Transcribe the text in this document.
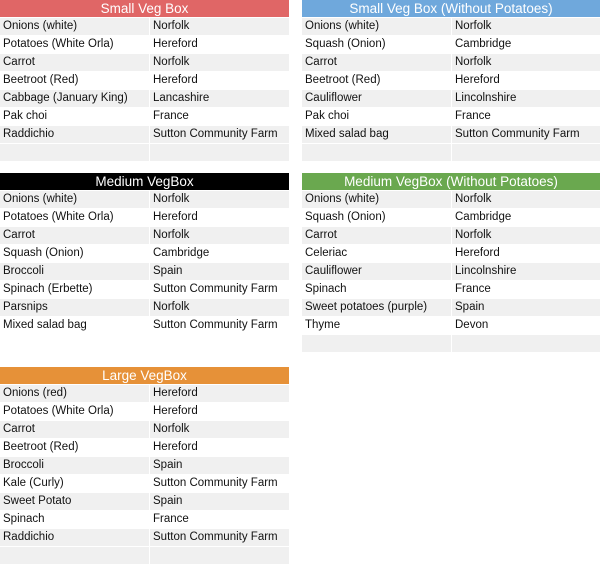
Small Veg Box
Onions (white)	Norfolk
Potatoes (White Orla)	Hereford
Carrot	Norfolk
Beetroot (Red)	Hereford
Cabbage (January King)	Lancashire
Pak choi	France
Raddichio	Sutton Community Farm
Small Veg Box (Without Potatoes)
Onions (white)	Norfolk
Squash (Onion)	Cambridge
Carrot	Norfolk
Beetroot (Red)	Hereford
Cauliflower	Lincolnshire
Pak choi	France
Mixed salad bag	Sutton Community Farm
Medium VegBox
Onions (white)	Norfolk
Potatoes (White Orla)	Hereford
Carrot	Norfolk
Squash (Onion)	Cambridge
Broccoli	Spain
Spinach (Erbette)	Sutton Community Farm
Parsnips	Norfolk
Mixed salad bag	Sutton Community Farm
Medium VegBox (Without Potatoes)
Onions (white)	Norfolk
Squash (Onion)	Cambridge
Carrot	Norfolk
Celeriac	Hereford
Cauliflower	Lincolnshire
Spinach	France
Sweet potatoes (purple)	Spain
Thyme	Devon
Large VegBox
Onions (red)	Hereford
Potatoes (White Orla)	Hereford
Carrot	Norfolk
Beetroot (Red)	Hereford
Broccoli	Spain
Kale (Curly)	Sutton Community Farm
Sweet Potato	Spain
Spinach	France
Raddichio	Sutton Community Farm
